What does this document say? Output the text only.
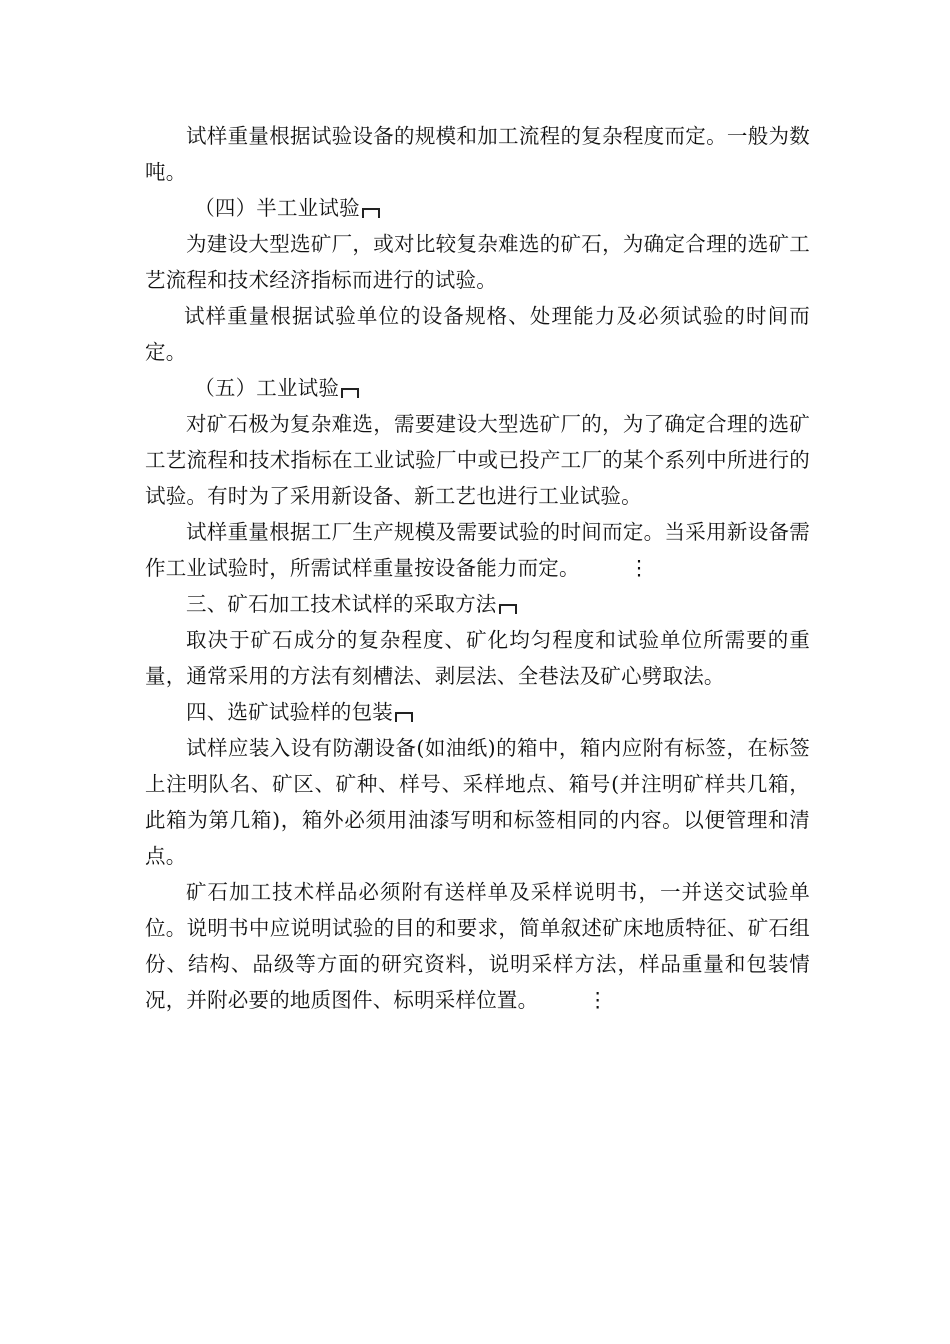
试样重量根据试验设备的规模和加工流程的复杂程度而定。一般为数吨。

（四）半工业试验

为建设大型选矿厂，或对比较复杂难选的矿石，为确定合理的选矿工艺流程和技术经济指标而进行的试验。

试样重量根据试验单位的设备规格、处理能力及必须试验的时间而定。

（五）工业试验

对矿石极为复杂难选，需要建设大型选矿厂的，为了确定合理的选矿工艺流程和技术指标在工业试验厂中或已投产工厂的某个系列中所进行的试验。有时为了采用新设备、新工艺也进行工业试验。

试样重量根据工厂生产规模及需要试验的时间而定。当采用新设备需作工业试验时，所需试样重量按设备能力而定。 ⋮

三、矿石加工技术试样的采取方法

取决于矿石成分的复杂程度、矿化均匀程度和试验单位所需要的重量，通常采用的方法有刻槽法、剥层法、全巷法及矿心劈取法。

四、选矿试验样的包装

试样应装入设有防潮设备(如油纸)的箱中，箱内应附有标签，在标签上注明队名、矿区、矿种、样号、采样地点、箱号(并注明矿样共几箱，此箱为第几箱)，箱外必须用油漆写明和标签相同的内容。以便管理和清点。

矿石加工技术样品必须附有送样单及采样说明书，一并送交试验单位。说明书中应说明试验的目的和要求，简单叙述矿床地质特征、矿石组份、结构、品级等方面的研究资料，说明采样方法，样品重量和包装情况，并附必要的地质图件、标明采样位置。 ⋮
